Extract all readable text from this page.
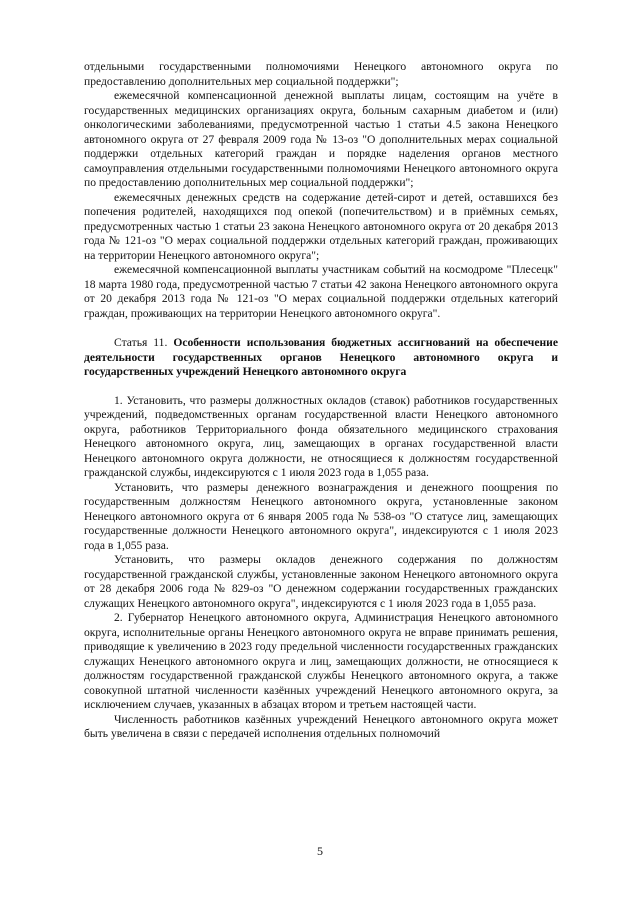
отдельными государственными полномочиями Ненецкого автономного округа по предоставлению дополнительных мер социальной поддержки";

ежемесячной компенсационной денежной выплаты лицам, состоящим на учёте в государственных медицинских организациях округа, больным сахарным диабетом и (или) онкологическими заболеваниями, предусмотренной частью 1 статьи 4.5 закона Ненецкого автономного округа от 27 февраля 2009 года № 13-оз "О дополнительных мерах социальной поддержки отдельных категорий граждан и порядке наделения органов местного самоуправления отдельными государственными полномочиями Ненецкого автономного округа по предоставлению дополнительных мер социальной поддержки";

ежемесячных денежных средств на содержание детей-сирот и детей, оставшихся без попечения родителей, находящихся под опекой (попечительством) и в приёмных семьях, предусмотренных частью 1 статьи 23 закона Ненецкого автономного округа от 20 декабря 2013 года № 121-оз "О мерах социальной поддержки отдельных категорий граждан, проживающих на территории Ненецкого автономного округа";

ежемесячной компенсационной выплаты участникам событий на космодроме "Плесецк" 18 марта 1980 года, предусмотренной частью 7 статьи 42 закона Ненецкого автономного округа от 20 декабря 2013 года № 121-оз "О мерах социальной поддержки отдельных категорий граждан, проживающих на территории Ненецкого автономного округа".

Статья 11. Особенности использования бюджетных ассигнований на обеспечение деятельности государственных органов Ненецкого автономного округа и государственных учреждений Ненецкого автономного округа

1. Установить, что размеры должностных окладов (ставок) работников государственных учреждений, подведомственных органам государственной власти Ненецкого автономного округа, работников Территориального фонда обязательного медицинского страхования Ненецкого автономного округа, лиц, замещающих в органах государственной власти Ненецкого автономного округа должности, не относящиеся к должностям государственной гражданской службы, индексируются с 1 июля 2023 года в 1,055 раза.

Установить, что размеры денежного вознаграждения и денежного поощрения по государственным должностям Ненецкого автономного округа, установленные законом Ненецкого автономного округа от 6 января 2005 года № 538-оз "О статусе лиц, замещающих государственные должности Ненецкого автономного округа", индексируются с 1 июля 2023 года в 1,055 раза.

Установить, что размеры окладов денежного содержания по должностям государственной гражданской службы, установленные законом Ненецкого автономного округа от 28 декабря 2006 года № 829-оз "О денежном содержании государственных гражданских служащих Ненецкого автономного округа", индексируются с 1 июля 2023 года в 1,055 раза.

2. Губернатор Ненецкого автономного округа, Администрация Ненецкого автономного округа, исполнительные органы Ненецкого автономного округа не вправе принимать решения, приводящие к увеличению в 2023 году предельной численности государственных гражданских служащих Ненецкого автономного округа и лиц, замещающих должности, не относящиеся к должностям государственной гражданской службы Ненецкого автономного округа, а также совокупной штатной численности казённых учреждений Ненецкого автономного округа, за исключением случаев, указанных в абзацах втором и третьем настоящей части.

Численность работников казённых учреждений Ненецкого автономного округа может быть увеличена в связи с передачей исполнения отдельных полномочий

5
